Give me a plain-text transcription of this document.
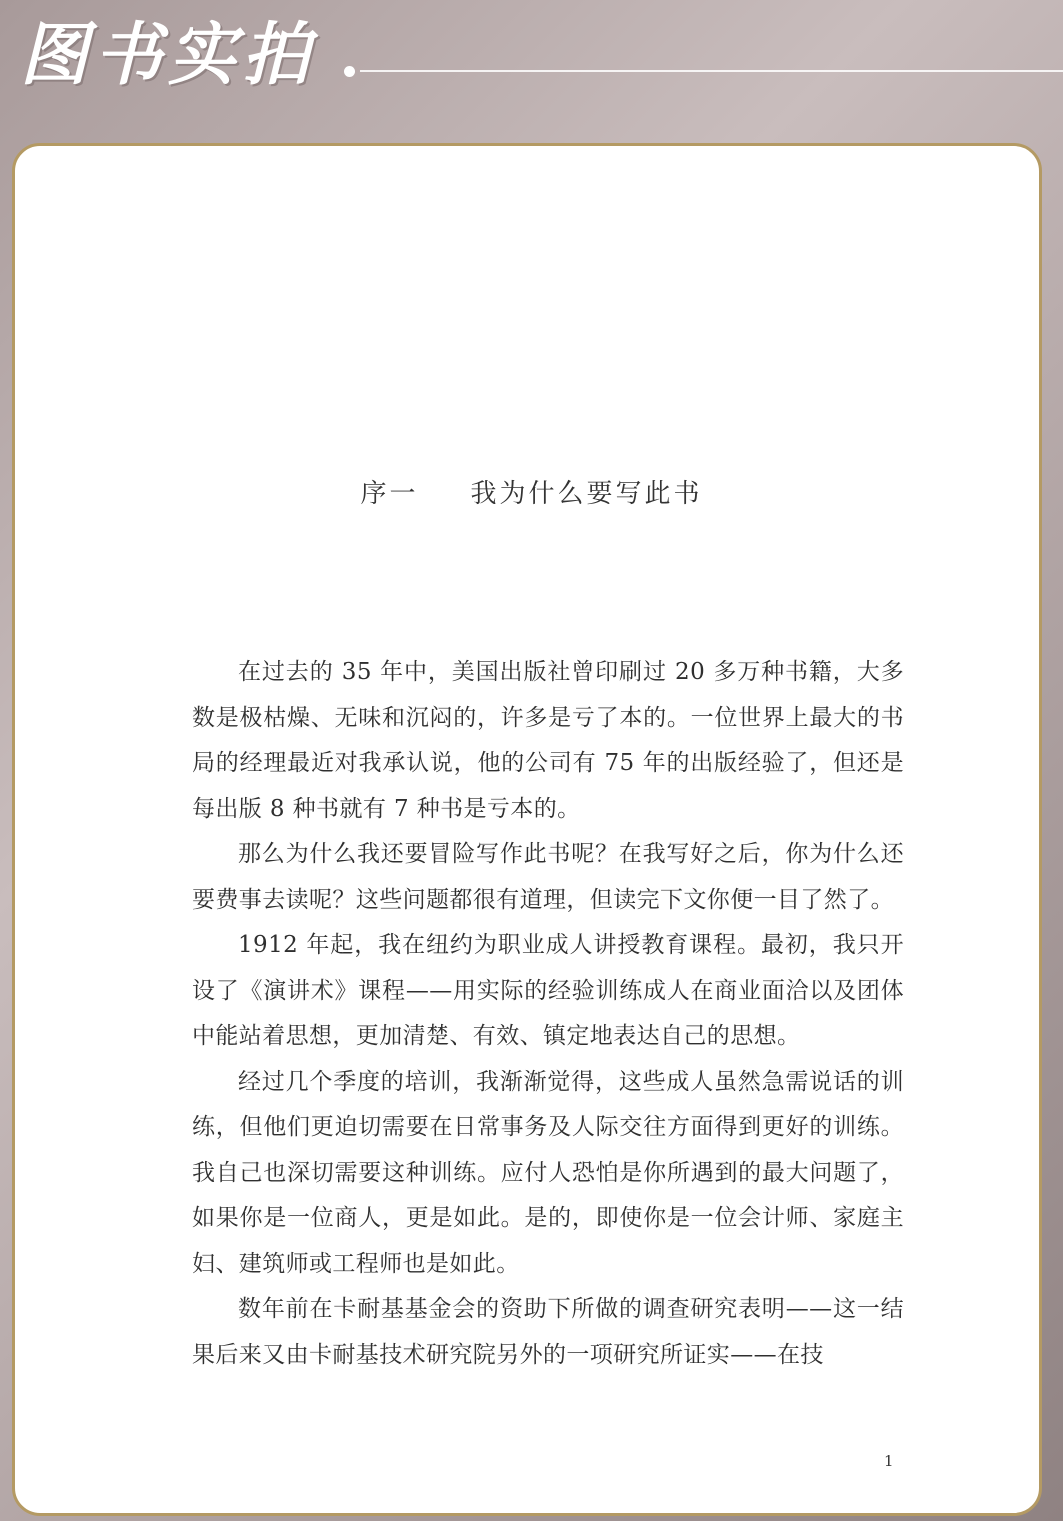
图书实拍
序一 我为什么要写此书

在过去的 35 年中，美国出版社曾印刷过 20 多万种书籍，大多数是极枯燥、无味和沉闷的，许多是亏了本的。一位世界上最大的书局的经理最近对我承认说，他的公司有 75 年的出版经验了，但还是每出版 8 种书就有 7 种书是亏本的。

那么为什么我还要冒险写作此书呢？在我写好之后，你为什么还要费事去读呢？这些问题都很有道理，但读完下文你便一目了然了。

1912 年起，我在纽约为职业成人讲授教育课程。最初，我只开设了《演讲术》课程——用实际的经验训练成人在商业面洽以及团体中能站着思想，更加清楚、有效、镇定地表达自己的思想。

经过几个季度的培训，我渐渐觉得，这些成人虽然急需说话的训练，但他们更迫切需要在日常事务及人际交往方面得到更好的训练。我自己也深切需要这种训练。应付人恐怕是你所遇到的最大问题了，如果你是一位商人，更是如此。是的，即使你是一位会计师、家庭主妇、建筑师或工程师也是如此。

数年前在卡耐基基金会的资助下所做的调查研究表明——这一结果后来又由卡耐基技术研究院另外的一项研究所证实——在技

1
